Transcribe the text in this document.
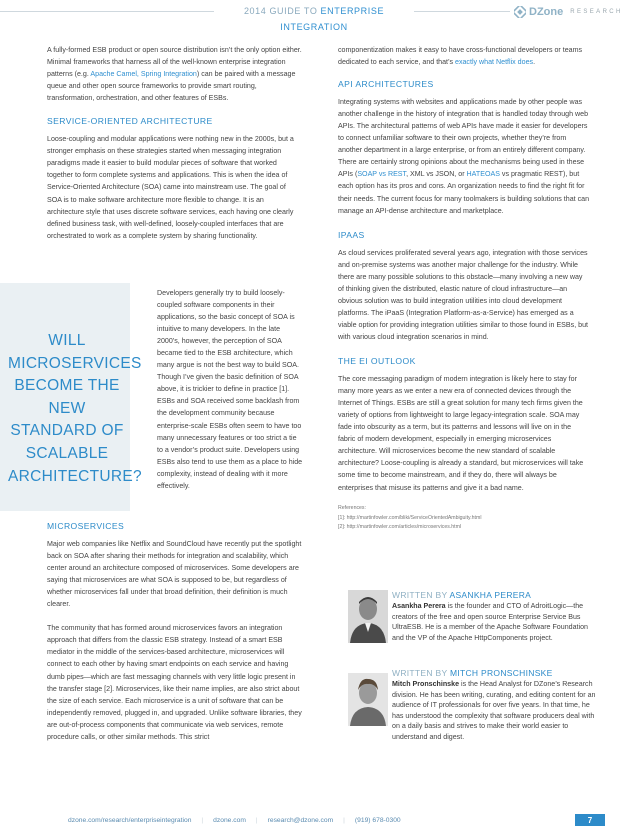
2014 GUIDE TO ENTERPRISE INTEGRATION
DZone RESEARCH

A fully-formed ESB product or open source distribution isn’t the only option either. Minimal frameworks that harness all of the well-known enterprise integration patterns (e.g. Apache Camel, Spring Integration) can be paired with a message queue and other open source frameworks to provide smart routing, transformation, orchestration, and other features of ESBs.

SERVICE-ORIENTED ARCHITECTURE

Loose-coupling and modular applications were nothing new in the 2000s, but a stronger emphasis on these strategies started when messaging integration paradigms made it easier to build modular pieces of software that worked together to form complete systems and applications. This is when the idea of Service-Oriented Architecture (SOA) came into mainstream use. The goal of SOA is to make software architecture more flexible to change. It is an architecture style that uses discrete software services, each having one clearly defined business task, with well-defined, loosely-coupled interfaces that are orchestrated to work as a complete system by sharing functionality.

WILL MICROSERVICES BECOME THE NEW STANDARD OF SCALABLE ARCHITECTURE?
Developers generally try to build loosely-coupled software components in their applications, so the basic concept of SOA is intuitive to many developers. In the late 2000’s, however, the perception of SOA became tied to the ESB architecture, which many argue is not the best way to build SOA. Though I’ve given the basic definition of SOA above, it is trickier to define in practice [1]. ESBs and SOA received some backlash from the development community because enterprise-scale ESBs often seem to have too many unnecessary features or too strict a tie to a vendor’s product suite. Developers using ESBs also tend to use them as a place to hide complexity, instead of dealing with it more effectively.
MICROSERVICES

Major web companies like Netflix and SoundCloud have recently put the spotlight back on SOA after sharing their methods for integration and scalability, which center around an architecture composed of microservices. Some developers are saying that microservices are what SOA is supposed to be, but regardless of whether microservices fall under that broad definition, their definition is much clearer.

The community that has formed around microservices favors an integration approach that differs from the classic ESB strategy. Instead of a smart ESB mediator in the middle of the services-based architecture, microservices will connect to each other by having smart endpoints on each service and having dumb pipes—which are fast messaging channels with very little logic present in the transfer stage [2]. Microservices, like their name implies, are also strict about the size of each service. Each microservice is a unit of software that can be independently removed, plugged in, and upgraded. Unlike software libraries, they are out-of-process components that communicate via web services, remote procedure calls, or other similar methods. This strict

componentization makes it easy to have cross-functional developers or teams dedicated to each service, and that’s exactly what Netflix does.

API ARCHITECTURES

Integrating systems with websites and applications made by other people was another challenge in the history of integration that is handled today through web APIs. The architectural patterns of web APIs have made it easier for developers to connect unfamiliar software to their own projects, whether they’re from another department in a large enterprise, or from an entirely different company. There are certainly strong opinions about the mechanisms being used in these APIs (SOAP vs REST, XML vs JSON, or HATEOAS vs pragmatic REST), but each option has its pros and cons. An organization needs to find the right fit for their needs. The current focus for many toolmakers is building solutions that can manage an API-dense architecture and marketplace.

IPAAS

As cloud services proliferated several years ago, integration with those services and on-premise systems was another major challenge for the industry. While there are many possible solutions to this obstacle—many involving a new way of thinking given the distributed, elastic nature of cloud infrastructure—an obvious solution was to build integration utilities into cloud development platforms. The iPaaS (Integration Platform-as-a-Service) has emerged as a viable option for providing integration utilities similar to those found in ESBs, but with various cloud integration scenarios in mind.

THE EI OUTLOOK

The core messaging paradigm of modern integration is likely here to stay for many more years as we enter a new era of connected devices through the Internet of Things. ESBs are still a great solution for many tech firms given the variety of options from lightweight to large legacy-integration scale. SOA may fade into obscurity as a term, but its patterns and lessons will live on in the fabric of modern development, especially in emerging microservices architecture. Will microservices become the new standard of scalable architecture? Loose-coupling is already a standard, but microservices will take some time to become mainstream, and if they do, there will always be enterprises that misuse its patterns and give it a bad name.

References:
[1]: http://martinfowler.com/bliki/ServiceOrientedAmbiguity.html
[2]: http://martinfowler.com/articles/microservices.html
WRITTEN BY ASANKHA PERERA
Asankha Perera is the founder and CTO of AdroitLogic—the creators of the free and open source Enterprise Service Bus UltraESB. He is a member of the Apache Software Foundation and the VP of the Apache HttpComponents project.
WRITTEN BY MITCH PRONSCHINSKE
Mitch Pronschinske is the Head Analyst for DZone’s Research division. He has been writing, curating, and editing content for an audience of IT professionals for over five years. In that time, he has understood the complexity that software producers deal with on a daily basis and strives to make their world easier to understand and digest.
dzone.com/research/enterpriseintegration | dzone.com | research@dzone.com | (919) 678-0300	7
